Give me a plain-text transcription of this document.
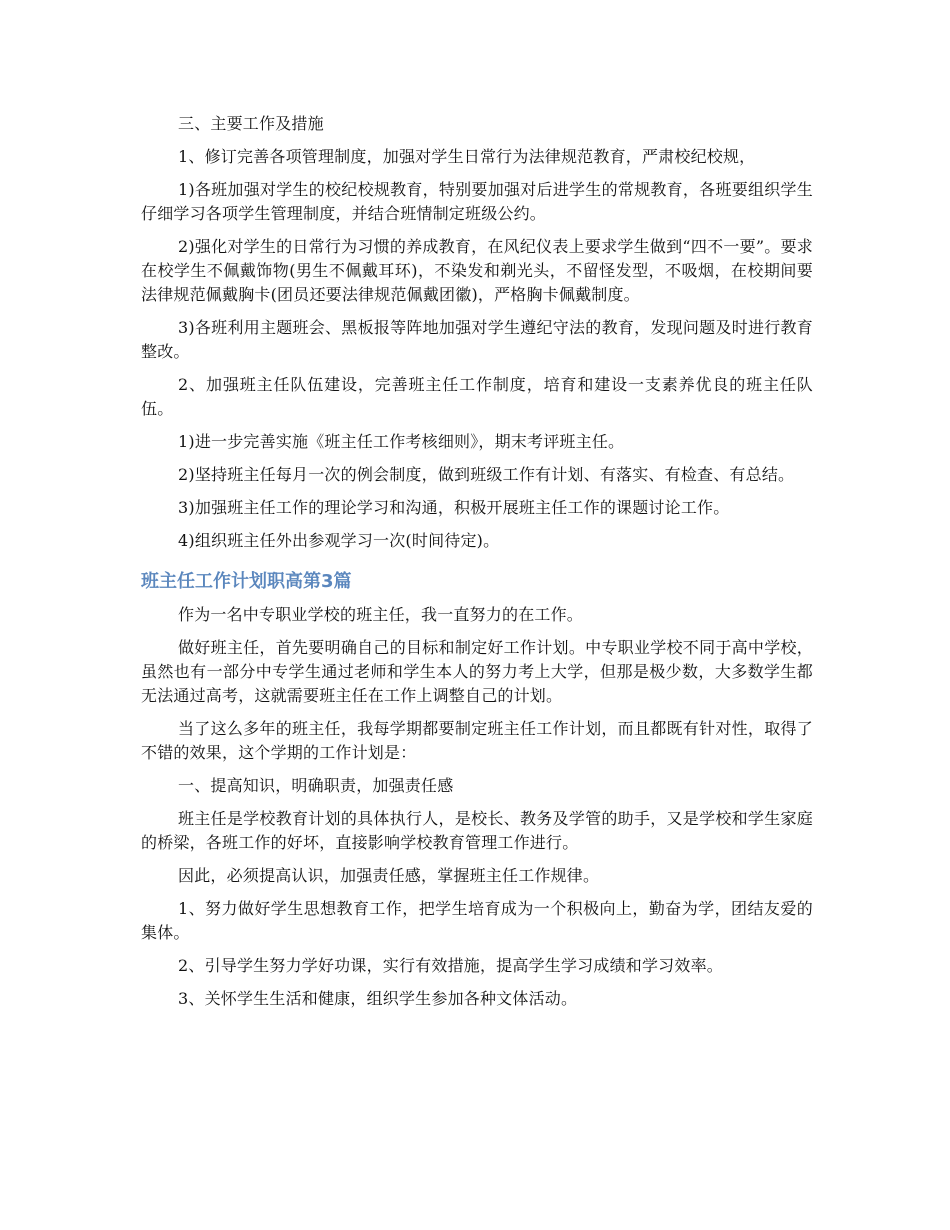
三、主要工作及措施

1、修订完善各项管理制度，加强对学生日常行为法律规范教育，严肃校纪校规，

1)各班加强对学生的校纪校规教育，特别要加强对后进学生的常规教育，各班要组织学生仔细学习各项学生管理制度，并结合班情制定班级公约。

2)强化对学生的日常行为习惯的养成教育，在风纪仪表上要求学生做到“四不一要”。要求在校学生不佩戴饰物(男生不佩戴耳环)，不染发和剃光头，不留怪发型，不吸烟，在校期间要法律规范佩戴胸卡(团员还要法律规范佩戴团徽)，严格胸卡佩戴制度。

3)各班利用主题班会、黑板报等阵地加强对学生遵纪守法的教育，发现问题及时进行教育整改。

2、加强班主任队伍建设，完善班主任工作制度，培育和建设一支素养优良的班主任队伍。

1)进一步完善实施《班主任工作考核细则》，期末考评班主任。

2)坚持班主任每月一次的例会制度，做到班级工作有计划、有落实、有检查、有总结。

3)加强班主任工作的理论学习和沟通，积极开展班主任工作的课题讨论工作。

4)组织班主任外出参观学习一次(时间待定)。

班主任工作计划职高第3篇

作为一名中专职业学校的班主任，我一直努力的在工作。

做好班主任，首先要明确自己的目标和制定好工作计划。中专职业学校不同于高中学校，虽然也有一部分中专学生通过老师和学生本人的努力考上大学，但那是极少数，大多数学生都无法通过高考，这就需要班主任在工作上调整自己的计划。

当了这么多年的班主任，我每学期都要制定班主任工作计划，而且都既有针对性，取得了不错的效果，这个学期的工作计划是：

一、提高知识，明确职责，加强责任感

班主任是学校教育计划的具体执行人，是校长、教务及学管的助手，又是学校和学生家庭的桥梁，各班工作的好坏，直接影响学校教育管理工作进行。

因此，必须提高认识，加强责任感，掌握班主任工作规律。

1、努力做好学生思想教育工作，把学生培育成为一个积极向上，勤奋为学，团结友爱的集体。

2、引导学生努力学好功课，实行有效措施，提高学生学习成绩和学习效率。

3、关怀学生生活和健康，组织学生参加各种文体活动。
